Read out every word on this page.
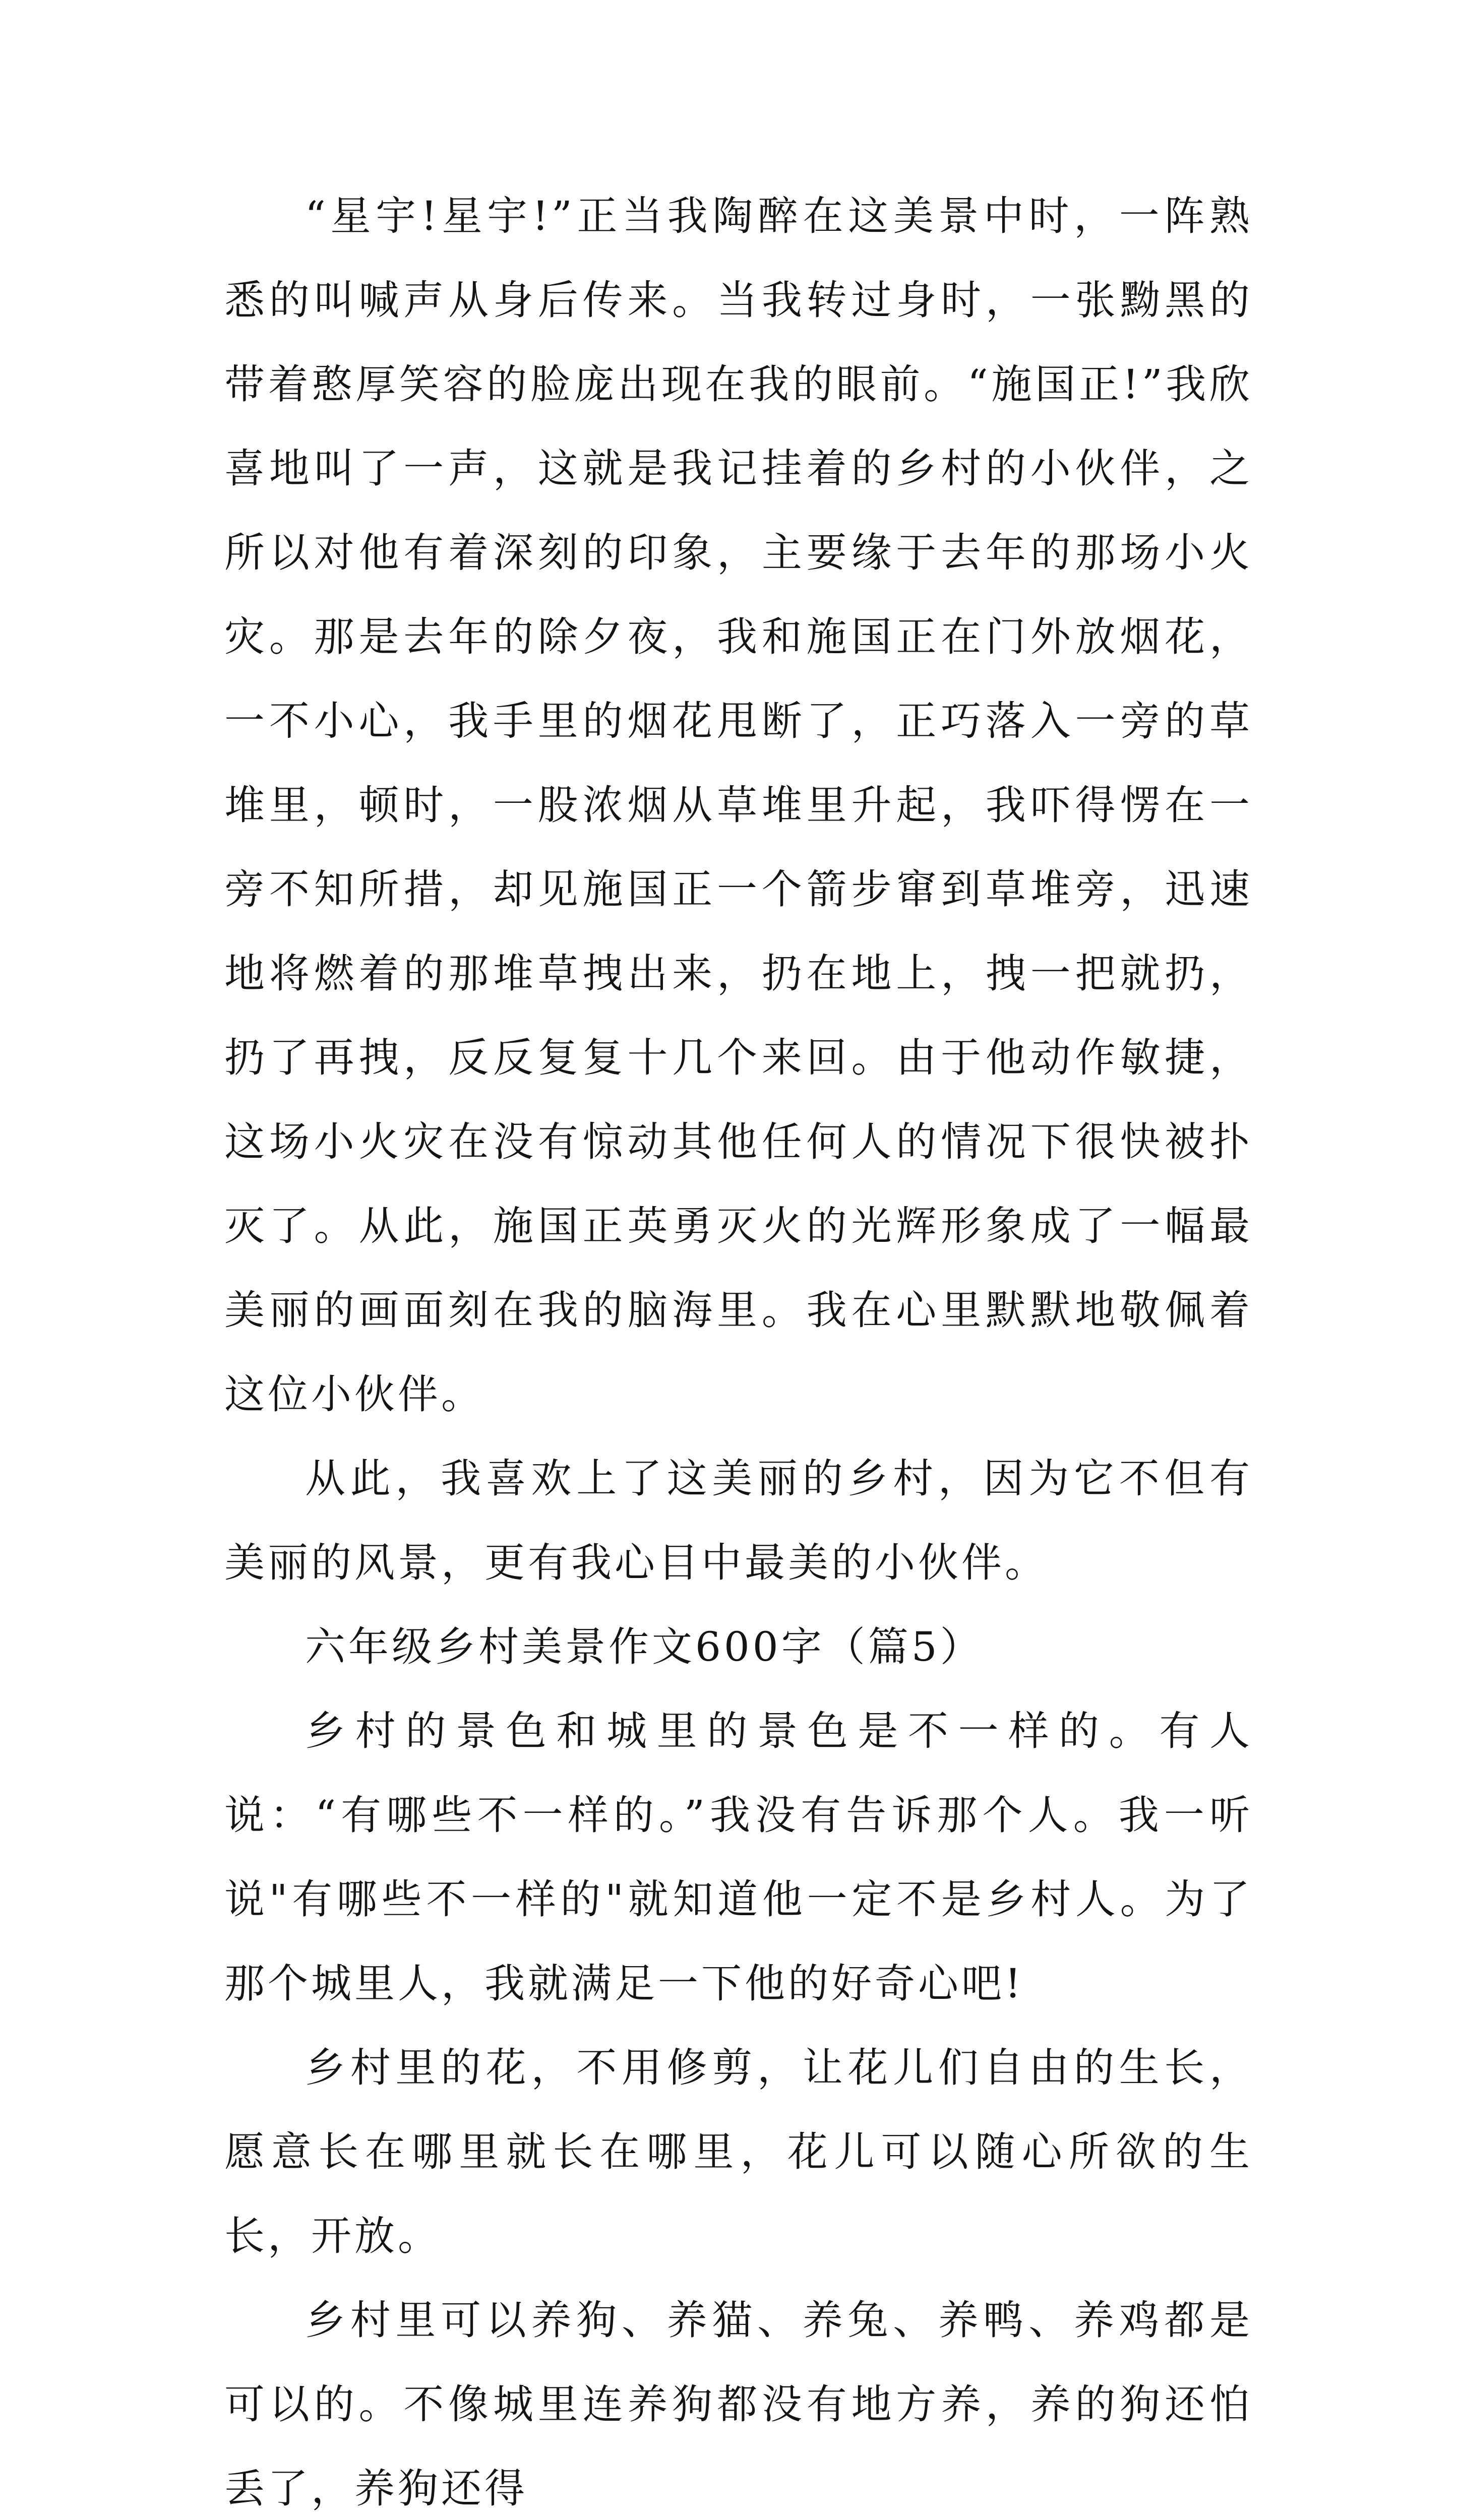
“星宇!星宇!”正当我陶醉在这美景中时，一阵熟悉的叫喊声从身后传来。当我转过身时，一张黝黑的带着憨厚笑容的脸庞出现在我的眼前。“施国正!”我欣喜地叫了一声，这就是我记挂着的乡村的小伙伴，之所以对他有着深刻的印象，主要缘于去年的那场小火灾。那是去年的除夕夜，我和施国正在门外放烟花，一不小心，我手里的烟花甩断了，正巧落入一旁的草堆里，顿时，一股浓烟从草堆里升起，我吓得愣在一旁不知所措，却见施国正一个箭步窜到草堆旁，迅速地将燃着的那堆草拽出来，扔在地上，拽一把就扔，扔了再拽，反反复复十几个来回。由于他动作敏捷，这场小火灾在没有惊动其他任何人的情况下很快被扑灭了。从此，施国正英勇灭火的光辉形象成了一幅最美丽的画面刻在我的脑海里。我在心里默默地敬佩着这位小伙伴。

从此，我喜欢上了这美丽的乡村，因为它不但有美丽的风景，更有我心目中最美的小伙伴。

六年级乡村美景作文600字（篇5）

乡村的景色和城里的景色是不一样的。有人说：“有哪些不一样的。”我没有告诉那个人。我一听说"有哪些不一样的"就知道他一定不是乡村人。为了那个城里人，我就满足一下他的好奇心吧!

乡村里的花，不用修剪，让花儿们自由的生长，愿意长在哪里就长在哪里，花儿可以随心所欲的生长，开放。

乡村里可以养狗、养猫、养兔、养鸭、养鸡都是可以的。不像城里连养狗都没有地方养，养的狗还怕丢了，养狗还得
